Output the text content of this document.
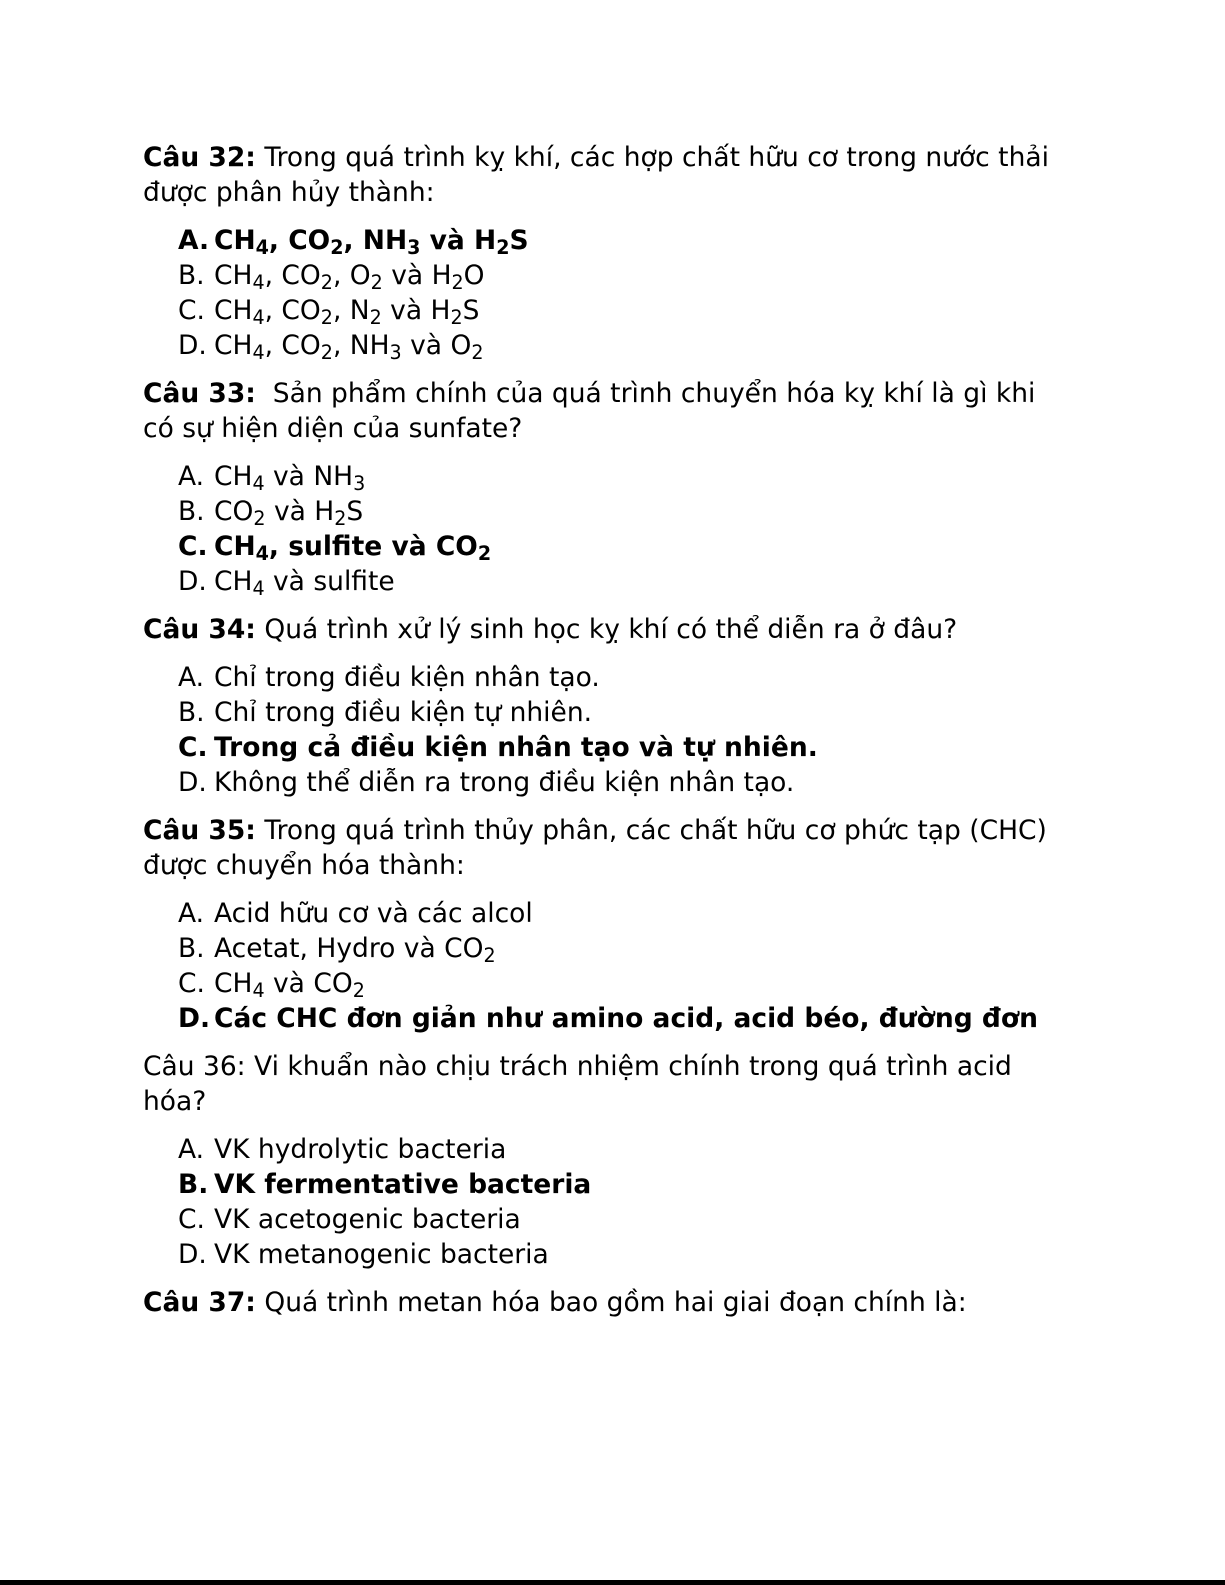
Câu 32: Trong quá trình kỵ khí, các hợp chất hữu cơ trong nước thải được phân hủy thành:

A. $CH_4$, $CO_2$, $NH_3$ và $H_2S$
B. $CH_4$, $CO_2$, $O_2$ và $H_2O$
C. $CH_4$, $CO_2$, $N_2$ và $H_2S$
D. $CH_4$, $CO_2$, $NH_3$ và $O_2$

Câu 33:  Sản phẩm chính của quá trình chuyển hóa kỵ khí là gì khi có sự hiện diện của sunfate?

A. $CH_4$ và $NH_3$
B. $CO_2$ và $H_2S$
C. $CH_4$, sulfite và $CO_2$
D. $CH_4$ và sulfite

Câu 34: Quá trình xử lý sinh học kỵ khí có thể diễn ra ở đâu?

A. Chỉ trong điều kiện nhân tạo.
B. Chỉ trong điều kiện tự nhiên.
C. Trong cả điều kiện nhân tạo và tự nhiên.
D. Không thể diễn ra trong điều kiện nhân tạo.

Câu 35: Trong quá trình thủy phân, các chất hữu cơ phức tạp (CHC) được chuyển hóa thành:

A. Acid hữu cơ và các alcol
B. Acetat, Hydro và $CO_2$
C. $CH_4$ và $CO_2$
D. Các CHC đơn giản như amino acid, acid béo, đường đơn

Câu 36: Vi khuẩn nào chịu trách nhiệm chính trong quá trình acid hóa?

A. VK hydrolytic bacteria
B. VK fermentative bacteria
C. VK acetogenic bacteria
D. VK metanogenic bacteria

Câu 37: Quá trình metan hóa bao gồm hai giai đoạn chính là:
